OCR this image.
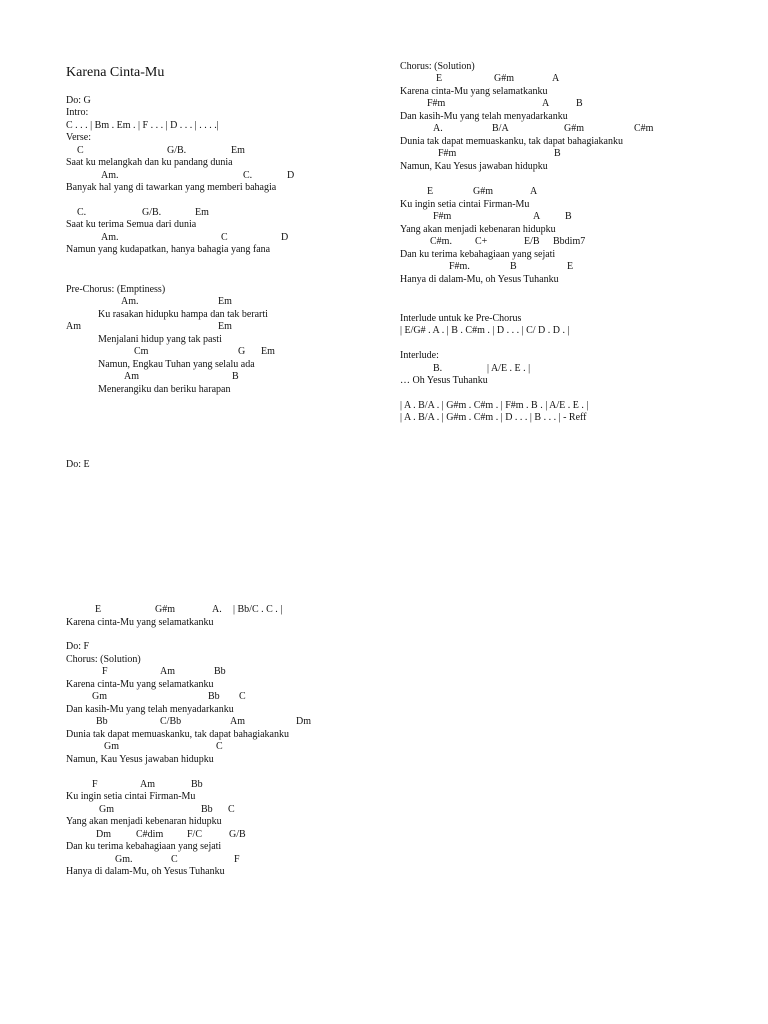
Karena Cinta-Mu
Do: G
Intro:
C . . . | Bm . Em . | F . . . | D . . . | . . . .|
Verse:
C	G/B.	Em
Saat ku melangkah dan ku pandang dunia
Am.	C.	D
Banyak hal yang di tawarkan yang memberi bahagia
C.	G/B.	Em
Saat ku terima Semua dari dunia
Am.	C	D
Namun yang kudapatkan, hanya bahagia yang fana
Pre-Chorus: (Emptiness)
Am.	Em
Ku rasakan hidupku hampa dan tak berarti
Am	Em
Menjalani hidup yang tak pasti
Cm	G Em
Namun, Engkau Tuhan yang selalu ada
Am	B
Menerangiku dan beriku harapan
Do: E
E	G#m	A. | Bb/C . C . |
Karena cinta-Mu yang selamatkanku
Do: F
Chorus: (Solution)
F	Am	Bb
Karena cinta-Mu yang selamatkanku
Gm	Bb C
Dan kasih-Mu yang telah menyadarkanku
Bb	C/Bb	Am	Dm
Dunia tak dapat memuaskanku, tak dapat bahagiakanku
Gm	C
Namun, Kau Yesus jawaban hidupku
F	Am	Bb
Ku ingin setia cintai Firman-Mu
Gm	Bb C
Yang akan menjadi kebenaran hidupku
Dm	C#dim F/C	G/B
Dan ku terima kebahagiaan yang sejati
Gm.	C	F
Hanya di dalam-Mu, oh Yesus Tuhanku
Chorus: (Solution)
E	G#m	A
Karena cinta-Mu yang selamatkanku
F#m	A	B
Dan kasih-Mu yang telah menyadarkanku
A.	B/A	G#m	C#m
Dunia tak dapat memuaskanku, tak dapat bahagiakanku
F#m	B
Namun, Kau Yesus jawaban hidupku
E	G#m	A
Ku ingin setia cintai Firman-Mu
F#m	A B
Yang akan menjadi kebenaran hidupku
C#m. C+	E/B Bbdim7
Dan ku terima kebahagiaan yang sejati
F#m.	B	E
Hanya di dalam-Mu, oh Yesus Tuhanku
Interlude untuk ke Pre-Chorus
| E/G# . A . | B . C#m . | D . . . | C/ D . D . |
Interlude:
B.	| A/E . E . |
… Oh Yesus Tuhanku
| A . B/A . | G#m . C#m . | F#m . B . | A/E . E . |
| A . B/A . | G#m . C#m . | D . . . | B . . . | - Reff
